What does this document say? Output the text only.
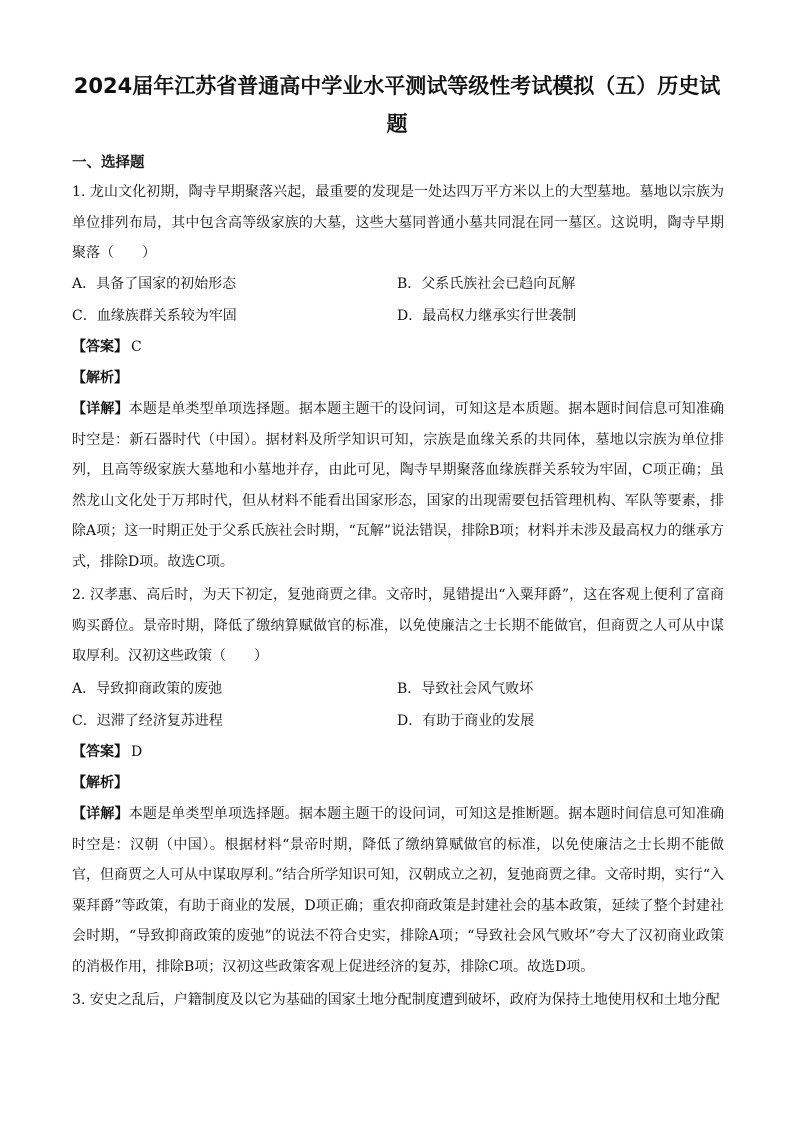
2024届年江苏省普通高中学业水平测试等级性考试模拟（五）历史试
题
一、选择题

1. 龙山文化初期，陶寺早期聚落兴起，最重要的发现是一处达四万平方米以上的大型墓地。墓地以宗族为单位排列布局，其中包含高等级家族的大墓，这些大墓同普通小墓共同混在同一墓区。这说明，陶寺早期聚落（　　）

A．具备了国家的初始形态	B．父系氏族社会已趋向瓦解
C．血缘族群关系较为牢固	D．最高权力继承实行世袭制
【答案】 C
【解析】

【详解】本题是单类型单项选择题。据本题主题干的设问词，可知这是本质题。据本题时间信息可知准确时空是：新石器时代（中国）。据材料及所学知识可知，宗族是血缘关系的共同体，墓地以宗族为单位排列，且高等级家族大墓地和小墓地并存，由此可见，陶寺早期聚落血缘族群关系较为牢固，C项正确；虽然龙山文化处于万邦时代，但从材料不能看出国家形态，国家的出现需要包括管理机构、军队等要素，排除A项；这一时期正处于父系氏族社会时期，“瓦解”说法错误，排除B项；材料并未涉及最高权力的继承方式，排除D项。故选C项。

2. 汉孝惠、高后时，为天下初定，复弛商贾之律。文帝时，晁错提出“入粟拜爵”，这在客观上便利了富商购买爵位。景帝时期，降低了缴纳算赋做官的标准，以免使廉洁之士长期不能做官，但商贾之人可从中谋取厚利。汉初这些政策（　　）

A．导致抑商政策的废弛	B．导致社会风气败坏
C．迟滞了经济复苏进程	D．有助于商业的发展
【答案】 D
【解析】

【详解】本题是单类型单项选择题。据本题主题干的设问词，可知这是推断题。据本题时间信息可知准确时空是：汉朝（中国）。根据材料“景帝时期，降低了缴纳算赋做官的标准，以免使廉洁之士长期不能做官，但商贾之人可从中谋取厚利。”结合所学知识可知，汉朝成立之初，复弛商贾之律。文帝时期，实行“入粟拜爵”等政策，有助于商业的发展，D项正确；重农抑商政策是封建社会的基本政策，延续了整个封建社会时期，“导致抑商政策的废弛”的说法不符合史实，排除A项；“导致社会风气败坏”夸大了汉初商业政策的消极作用，排除B项；汉初这些政策客观上促进经济的复苏，排除C项。故选D项。

3. 安史之乱后，户籍制度及以它为基础的国家土地分配制度遭到破坏，政府为保持土地使用权和土地分配
